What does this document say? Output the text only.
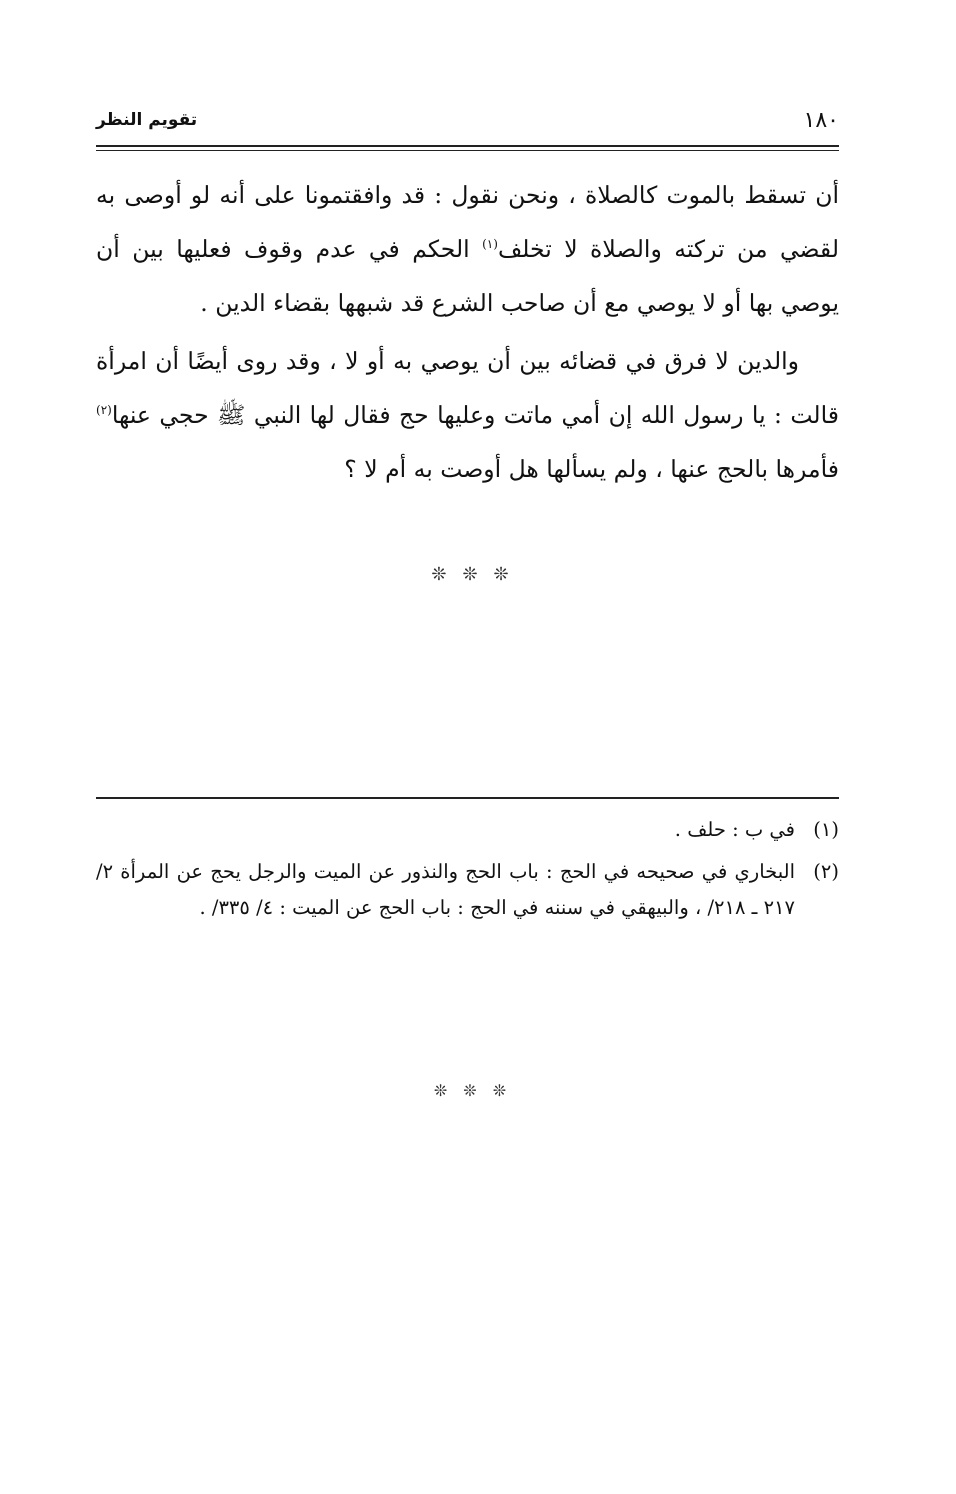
١٨٠
تقويم النظر

أن تسقط بالموت كالصلاة ، ونحن نقول : قد وافقتمونا على أنه لو أوصى به لقضي من تركته والصلاة لا تخلف$^{(١)}$ الحكم في عدم وقوف فعليها بين أن يوصي بها أو لا يوصي مع أن صاحب الشرع قد شبهها بقضاء الدين .

والدين لا فرق في قضائه بين أن يوصي به أو لا ، وقد روى أيضًا أن امرأة قالت : يا رسول الله إن أمي ماتت وعليها حج فقال لها النبي ﷺ حجي عنها$^{(٢)}$ فأمرها بالحج عنها ، ولم يسألها هل أوصت به أم لا ؟

❊❊❊
(١)
في ب : حلف .
(٢)
البخاري في صحيحه في الحج : باب الحج والنذور عن الميت والرجل يحج عن المرأة ٢/ ٢١٧ ـ ٢١٨/ ، والبيهقي في سننه في الحج : باب الحج عن الميت : ٤/ ٣٣٥/ .
❊❊❊
